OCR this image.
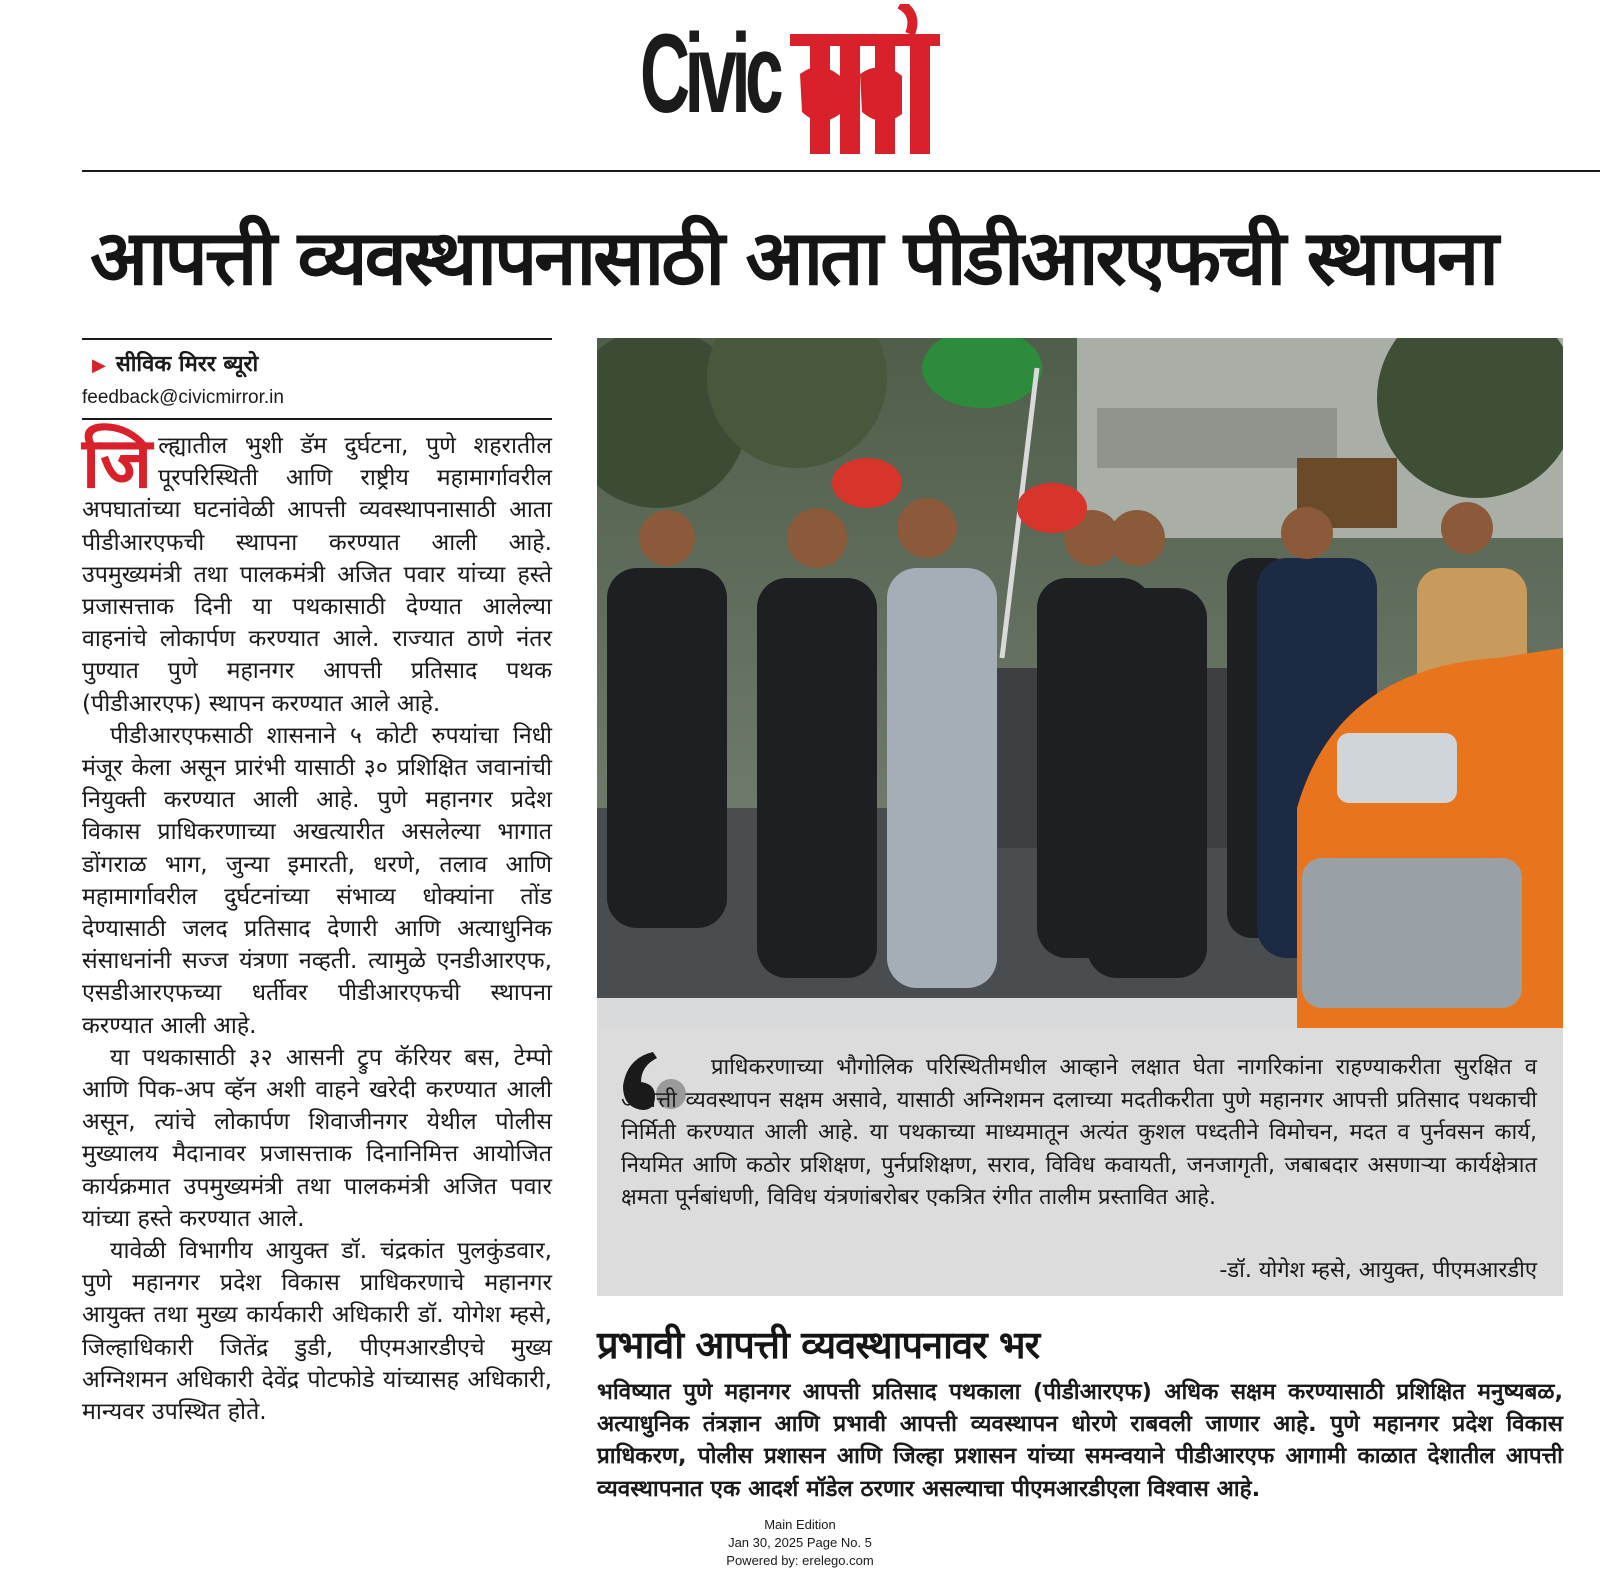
Civic
आपत्ती व्यवस्थापनासाठी आता पीडीआरएफची स्थापना
▶ सीविक मिरर ब्यूरो
feedback@civicmirror.in

जिल्ह्यातील भुशी डॅम दुर्घटना, पुणे शहरातील पूरपरिस्थिती आणि राष्ट्रीय महामार्गावरील अपघातांच्या घटनांवेळी आपत्ती व्यवस्थापनासाठी आता पीडीआरएफची स्थापना करण्यात आली आहे. उपमुख्यमंत्री तथा पालकमंत्री अजित पवार यांच्या हस्ते प्रजासत्ताक दिनी या पथकासाठी देण्यात आलेल्या वाहनांचे लोकार्पण करण्यात आले. राज्यात ठाणे नंतर पुण्यात पुणे महानगर आपत्ती प्रतिसाद पथक (पीडीआरएफ) स्थापन करण्यात आले आहे.

पीडीआरएफसाठी शासनाने ५ कोटी रुपयांचा निधी मंजूर केला असून प्रारंभी यासाठी ३० प्रशिक्षित जवानांची नियुक्ती करण्यात आली आहे. पुणे महानगर प्रदेश विकास प्राधिकरणाच्या अखत्यारीत असलेल्या भागात डोंगराळ भाग, जुन्या इमारती, धरणे, तलाव आणि महामार्गावरील दुर्घटनांच्या संभाव्य धोक्यांना तोंड देण्यासाठी जलद प्रतिसाद देणारी आणि अत्याधुनिक संसाधनांनी सज्ज यंत्रणा नव्हती. त्यामुळे एनडीआरएफ, एसडीआरएफच्या धर्तीवर पीडीआरएफची स्थापना करण्यात आली आहे.

या पथकासाठी ३२ आसनी ट्रुप कॅरियर बस, टेम्पो आणि पिक-अप व्हॅन अशी वाहने खरेदी करण्यात आली असून, त्यांचे लोकार्पण शिवाजीनगर येथील पोलीस मुख्यालय मैदानावर प्रजासत्ताक दिनानिमित्त आयोजित कार्यक्रमात उपमुख्यमंत्री तथा पालकमंत्री अजित पवार यांच्या हस्ते करण्यात आले.

यावेळी विभागीय आयुक्त डॉ. चंद्रकांत पुलकुंडवार, पुणे महानगर प्रदेश विकास प्राधिकरणाचे महानगर आयुक्त तथा मुख्य कार्यकारी अधिकारी डॉ. योगेश म्हसे, जिल्हाधिकारी जितेंद्र डुडी, पीएमआरडीएचे मुख्य अग्निशमन अधिकारी देवेंद्र पोटफोडे यांच्यासह अधिकारी, मान्यवर उपस्थित होते.

प्राधिकरणाच्या भौगोलिक परिस्थितीमधील आव्हाने लक्षात घेता नागरिकांना राहण्याकरीता सुरक्षित व आपत्ती व्यवस्थापन सक्षम असावे, यासाठी अग्निशमन दलाच्या मदतीकरीता पुणे महानगर आपत्ती प्रतिसाद पथकाची निर्मिती करण्यात आली आहे. या पथकाच्या माध्यमातून अत्यंत कुशल पध्दतीने विमोचन, मदत व पुर्नवसन कार्य, नियमित आणि कठोर प्रशिक्षण, पुर्नप्रशिक्षण, सराव, विविध कवायती, जनजागृती, जबाबदार असणाऱ्या कार्यक्षेत्रात क्षमता पूर्नबांधणी, विविध यंत्रणांबरोबर एकत्रित रंगीत तालीम प्रस्तावित आहे.
-डॉ. योगेश म्हसे, आयुक्त, पीएमआरडीए
प्रभावी आपत्ती व्यवस्थापनावर भर
भविष्यात पुणे महानगर आपत्ती प्रतिसाद पथकाला (पीडीआरएफ) अधिक सक्षम करण्यासाठी प्रशिक्षित मनुष्यबळ, अत्याधुनिक तंत्रज्ञान आणि प्रभावी आपत्ती व्यवस्थापन धोरणे राबवली जाणार आहे. पुणे महानगर प्रदेश विकास प्राधिकरण, पोलीस प्रशासन आणि जिल्हा प्रशासन यांच्या समन्वयाने पीडीआरएफ आगामी काळात देशातील आपत्ती व्यवस्थापनात एक आदर्श मॉडेल ठरणार असल्याचा पीएमआरडीएला विश्वास आहे.
Main Edition
Jan 30, 2025 Page No. 5
Powered by: erelego.com
